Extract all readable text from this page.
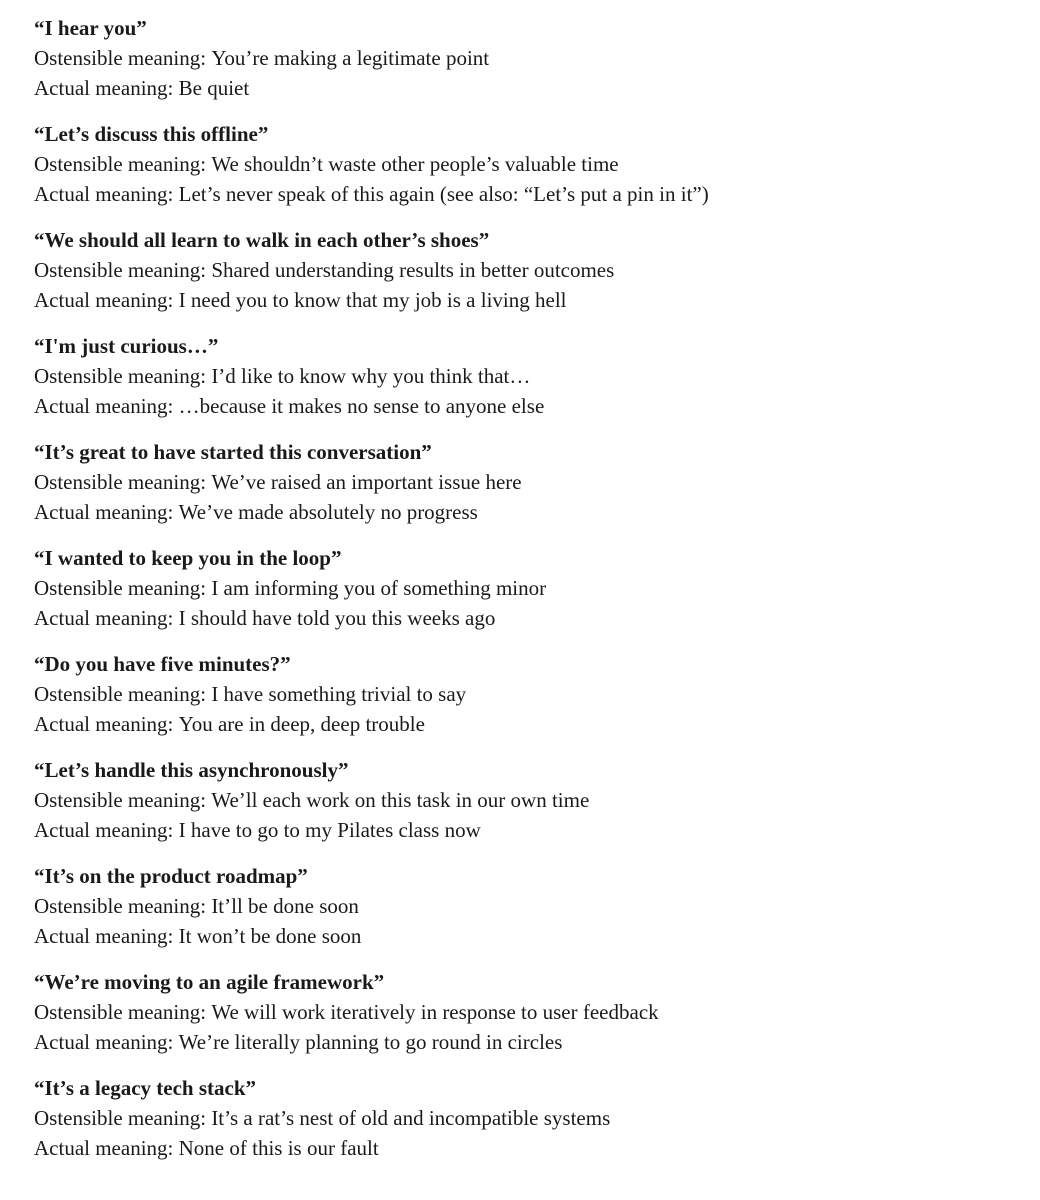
“I hear you”
Ostensible meaning: You’re making a legitimate point
Actual meaning: Be quiet
“Let’s discuss this offline”
Ostensible meaning: We shouldn’t waste other people’s valuable time
Actual meaning: Let’s never speak of this again (see also: “Let’s put a pin in it”)
“We should all learn to walk in each other’s shoes”
Ostensible meaning: Shared understanding results in better outcomes
Actual meaning: I need you to know that my job is a living hell
“I'm just curious…”
Ostensible meaning: I’d like to know why you think that…
Actual meaning: …because it makes no sense to anyone else
“It’s great to have started this conversation”
Ostensible meaning: We’ve raised an important issue here
Actual meaning: We’ve made absolutely no progress
“I wanted to keep you in the loop”
Ostensible meaning: I am informing you of something minor
Actual meaning: I should have told you this weeks ago
“Do you have five minutes?”
Ostensible meaning: I have something trivial to say
Actual meaning: You are in deep, deep trouble
“Let’s handle this asynchronously”
Ostensible meaning: We’ll each work on this task in our own time
Actual meaning: I have to go to my Pilates class now
“It’s on the product roadmap”
Ostensible meaning: It’ll be done soon
Actual meaning: It won’t be done soon
“We’re moving to an agile framework”
Ostensible meaning: We will work iteratively in response to user feedback
Actual meaning: We’re literally planning to go round in circles
“It’s a legacy tech stack”
Ostensible meaning: It’s a rat’s nest of old and incompatible systems
Actual meaning: None of this is our fault
